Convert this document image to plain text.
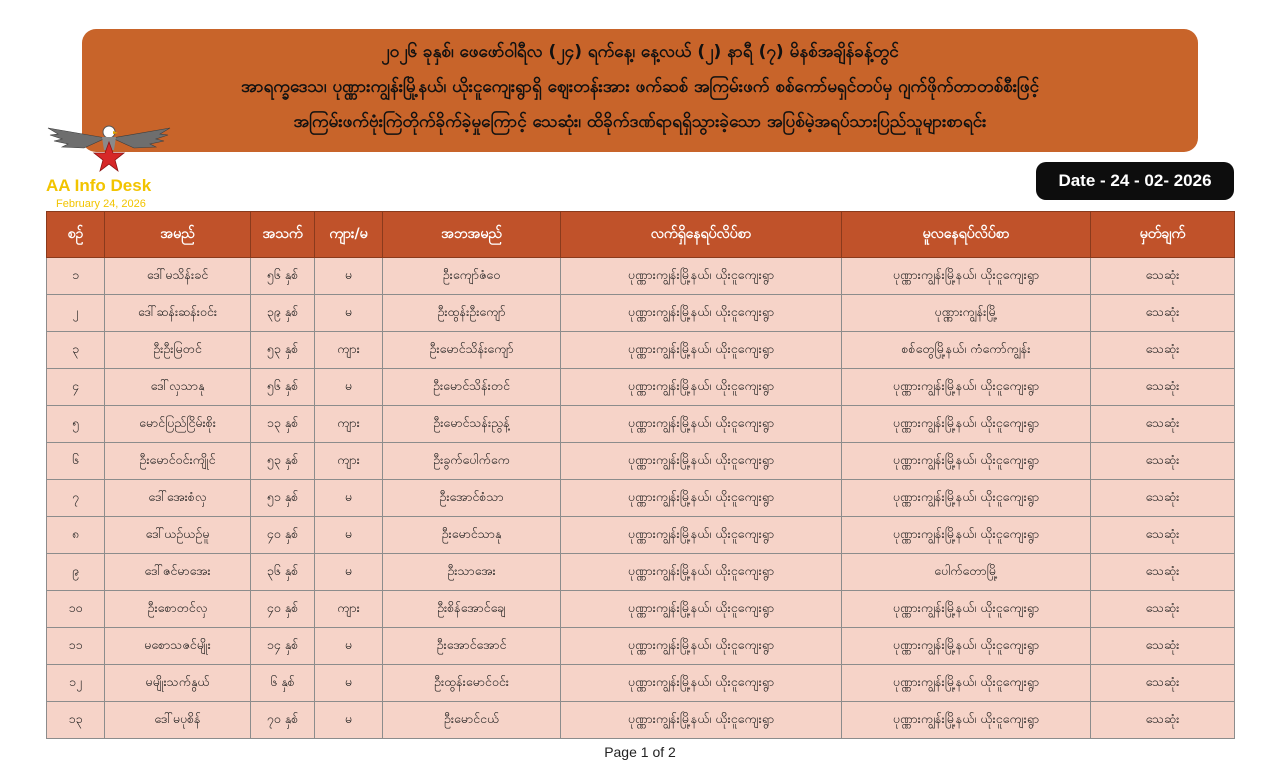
၂၀၂၆ ခုနှစ်၊ ဖေဖော်ဝါရီလ (၂၄) ရက်နေ့၊ နေ့လယ် (၂) နာရီ (၇) မိနစ်အချိန်ခန့်တွင်
အာရက္ခဒေသ၊ ပုဏ္ဏားကျွန်းမြို့နယ်၊ ယိုးငူကျေးရွာရှိ ဈေးတန်းအား ဖက်ဆစ် အကြမ်းဖက် စစ်ကော်မရှင်တပ်မှ ဂျက်ဖိုက်တာတစ်စီးဖြင့်
အကြမ်းဖက်ဗုံးကြဲတိုက်ခိုက်ခဲ့မှုကြောင့် သေဆုံး၊ ထိခိုက်ဒဏ်ရာရရှိသွားခဲ့သော အပြစ်မဲ့အရပ်သားပြည်သူများစာရင်း
AA Info Desk
February 24, 2026
Date - 24 - 02- 2026
စဉ်	အမည်	အသက်	ကျား/မ	အဘအမည်	လက်ရှိနေရပ်လိပ်စာ	မူလနေရပ်လိပ်စာ	မှတ်ချက်
၁	ဒေါ်မသိန်းခင်	၅၆ နှစ်	မ	ဦးကျော်ဇံဝေ	ပုဏ္ဏားကျွန်းမြို့နယ်၊ ယိုးငူကျေးရွာ	ပုဏ္ဏားကျွန်းမြို့နယ်၊ ယိုးငူကျေးရွာ	သေဆုံး
၂	ဒေါ်ဆန်းဆန်းဝင်း	၃၉ နှစ်	မ	ဦးထွန်းဦးကျော်	ပုဏ္ဏားကျွန်းမြို့နယ်၊ ယိုးငူကျေးရွာ	ပုဏ္ဏားကျွန်းမြို့	သေဆုံး
၃	ဦးဦးမြတင်	၅၃ နှစ်	ကျား	ဦးမောင်သိန်းကျော်	ပုဏ္ဏားကျွန်းမြို့နယ်၊ ယိုးငူကျေးရွာ	စစ်တွေမြို့နယ်၊ ကံကော်ကျွန်း	သေဆုံး
၄	ဒေါ်လှသာနု	၅၆ နှစ်	မ	ဦးမောင်သိန်းတင်	ပုဏ္ဏားကျွန်းမြို့နယ်၊ ယိုးငူကျေးရွာ	ပုဏ္ဏားကျွန်းမြို့နယ်၊ ယိုးငူကျေးရွာ	သေဆုံး
၅	မောင်ပြည်ငြိမ်းစိုး	၁၃ နှစ်	ကျား	ဦးမောင်သန်းညွန့်	ပုဏ္ဏားကျွန်းမြို့နယ်၊ ယိုးငူကျေးရွာ	ပုဏ္ဏားကျွန်းမြို့နယ်၊ ယိုးငူကျေးရွာ	သေဆုံး
၆	ဦးမောင်ဝင်းကျိုင်	၅၃ နှစ်	ကျား	ဦးခွက်ပေါက်ကေ	ပုဏ္ဏားကျွန်းမြို့နယ်၊ ယိုးငူကျေးရွာ	ပုဏ္ဏားကျွန်းမြို့နယ်၊ ယိုးငူကျေးရွာ	သေဆုံး
၇	ဒေါ်အေးစံလှ	၅၁ နှစ်	မ	ဦးအောင်စံသာ	ပုဏ္ဏားကျွန်းမြို့နယ်၊ ယိုးငူကျေးရွာ	ပုဏ္ဏားကျွန်းမြို့နယ်၊ ယိုးငူကျေးရွာ	သေဆုံး
၈	ဒေါ်ယဉ်ယဉ်မူ	၄၀ နှစ်	မ	ဦးမောင်သာနု	ပုဏ္ဏားကျွန်းမြို့နယ်၊ ယိုးငူကျေးရွာ	ပုဏ္ဏားကျွန်းမြို့နယ်၊ ယိုးငူကျေးရွာ	သေဆုံး
၉	ဒေါ်ဇင်မာအေး	၃၆ နှစ်	မ	ဦးသာအေး	ပုဏ္ဏားကျွန်းမြို့နယ်၊ ယိုးငူကျေးရွာ	ပေါက်တောမြို့	သေဆုံး
၁၀	ဦးစောတင်လှ	၄၀ နှစ်	ကျား	ဦးစိန်အောင်ချေ	ပုဏ္ဏားကျွန်းမြို့နယ်၊ ယိုးငူကျေးရွာ	ပုဏ္ဏားကျွန်းမြို့နယ်၊ ယိုးငူကျေးရွာ	သေဆုံး
၁၁	မစောသဇင်မျိုး	၁၄ နှစ်	မ	ဦးအောင်အောင်	ပုဏ္ဏားကျွန်းမြို့နယ်၊ ယိုးငူကျေးရွာ	ပုဏ္ဏားကျွန်းမြို့နယ်၊ ယိုးငူကျေးရွာ	သေဆုံး
၁၂	မမျိုးသက်နွယ်	၆ နှစ်	မ	ဦးထွန်းမောင်ဝင်း	ပုဏ္ဏားကျွန်းမြို့နယ်၊ ယိုးငူကျေးရွာ	ပုဏ္ဏားကျွန်းမြို့နယ်၊ ယိုးငူကျေးရွာ	သေဆုံး
၁၃	ဒေါ်မပုစိန်	၇၀ နှစ်	မ	ဦးမောင်ငယ်	ပုဏ္ဏားကျွန်းမြို့နယ်၊ ယိုးငူကျေးရွာ	ပုဏ္ဏားကျွန်းမြို့နယ်၊ ယိုးငူကျေးရွာ	သေဆုံး
Page 1 of 2
